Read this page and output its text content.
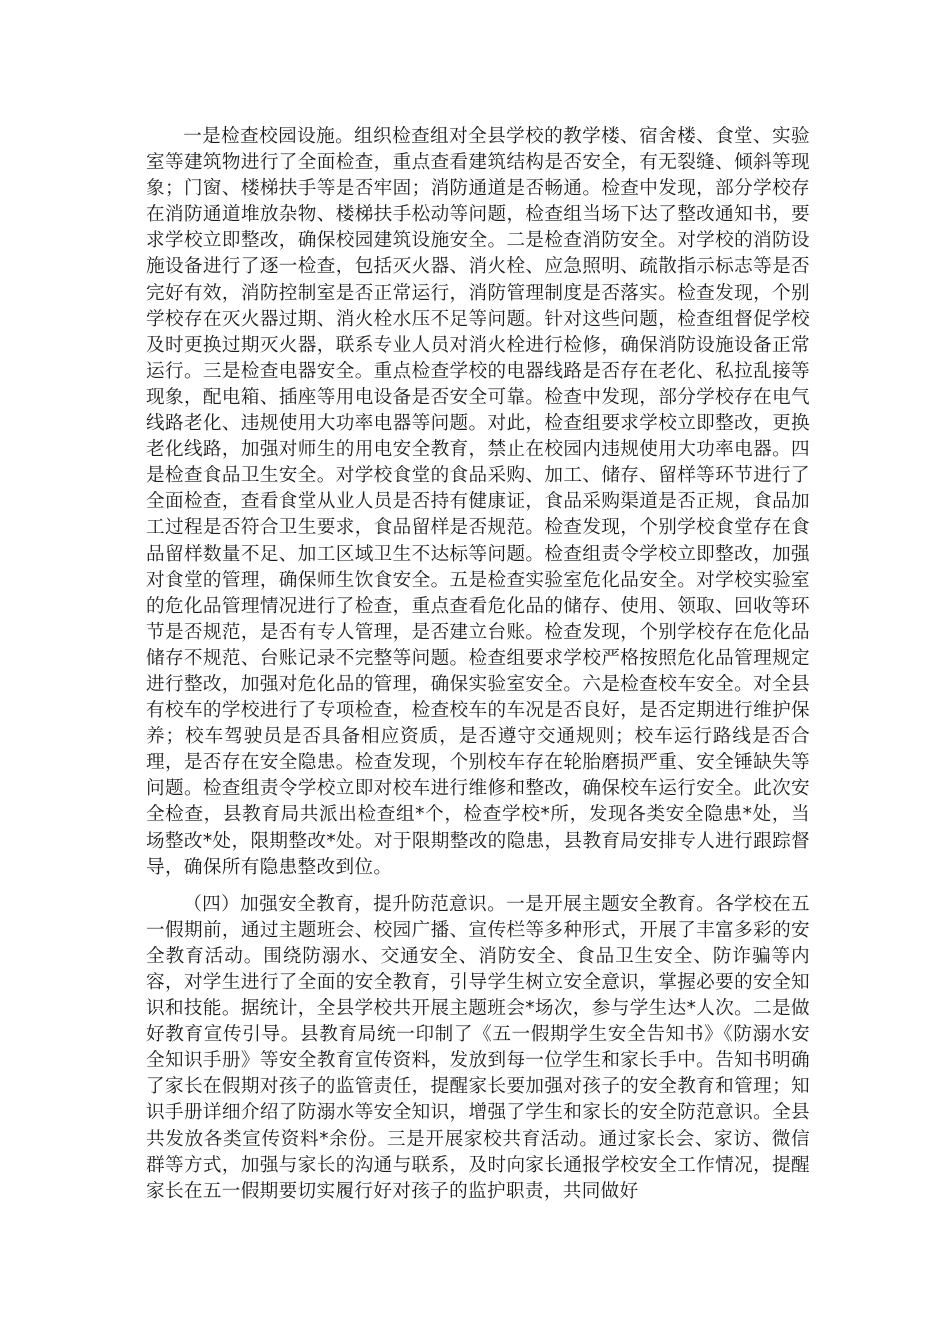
一是检查校园设施。组织检查组对全县学校的教学楼、宿舍楼、食堂、实验室等建筑物进行了全面检查，重点查看建筑结构是否安全，有无裂缝、倾斜等现象；门窗、楼梯扶手等是否牢固；消防通道是否畅通。检查中发现，部分学校存在消防通道堆放杂物、楼梯扶手松动等问题，检查组当场下达了整改通知书，要求学校立即整改，确保校园建筑设施安全。二是检查消防安全。对学校的消防设施设备进行了逐一检查，包括灭火器、消火栓、应急照明、疏散指示标志等是否完好有效，消防控制室是否正常运行，消防管理制度是否落实。检查发现，个别学校存在灭火器过期、消火栓水压不足等问题。针对这些问题，检查组督促学校及时更换过期灭火器，联系专业人员对消火栓进行检修，确保消防设施设备正常运行。三是检查电器安全。重点检查学校的电器线路是否存在老化、私拉乱接等现象，配电箱、插座等用电设备是否安全可靠。检查中发现，部分学校存在电气线路老化、违规使用大功率电器等问题。对此，检查组要求学校立即整改，更换老化线路，加强对师生的用电安全教育，禁止在校园内违规使用大功率电器。四是检查食品卫生安全。对学校食堂的食品采购、加工、储存、留样等环节进行了全面检查，查看食堂从业人员是否持有健康证，食品采购渠道是否正规，食品加工过程是否符合卫生要求，食品留样是否规范。检查发现，个别学校食堂存在食品留样数量不足、加工区域卫生不达标等问题。检查组责令学校立即整改，加强对食堂的管理，确保师生饮食安全。五是检查实验室危化品安全。对学校实验室的危化品管理情况进行了检查，重点查看危化品的储存、使用、领取、回收等环节是否规范，是否有专人管理，是否建立台账。检查发现，个别学校存在危化品储存不规范、台账记录不完整等问题。检查组要求学校严格按照危化品管理规定进行整改，加强对危化品的管理，确保实验室安全。六是检查校车安全。对全县有校车的学校进行了专项检查，检查校车的车况是否良好，是否定期进行维护保养；校车驾驶员是否具备相应资质，是否遵守交通规则；校车运行路线是否合理，是否存在安全隐患。检查发现，个别校车存在轮胎磨损严重、安全锤缺失等问题。检查组责令学校立即对校车进行维修和整改，确保校车运行安全。此次安全检查，县教育局共派出检查组*个，检查学校*所，发现各类安全隐患*处，当场整改*处，限期整改*处。对于限期整改的隐患，县教育局安排专人进行跟踪督导，确保所有隐患整改到位。

（四）加强安全教育，提升防范意识。一是开展主题安全教育。各学校在五一假期前，通过主题班会、校园广播、宣传栏等多种形式，开展了丰富多彩的安全教育活动。围绕防溺水、交通安全、消防安全、食品卫生安全、防诈骗等内容，对学生进行了全面的安全教育，引导学生树立安全意识，掌握必要的安全知识和技能。据统计，全县学校共开展主题班会*场次，参与学生达*人次。二是做好教育宣传引导。县教育局统一印制了《五一假期学生安全告知书》《防溺水安全知识手册》等安全教育宣传资料，发放到每一位学生和家长手中。告知书明确了家长在假期对孩子的监管责任，提醒家长要加强对孩子的安全教育和管理；知识手册详细介绍了防溺水等安全知识，增强了学生和家长的安全防范意识。全县共发放各类宣传资料*余份。三是开展家校共育活动。通过家长会、家访、微信群等方式，加强与家长的沟通与联系，及时向家长通报学校安全工作情况，提醒家长在五一假期要切实履行好对孩子的监护职责，共同做好
